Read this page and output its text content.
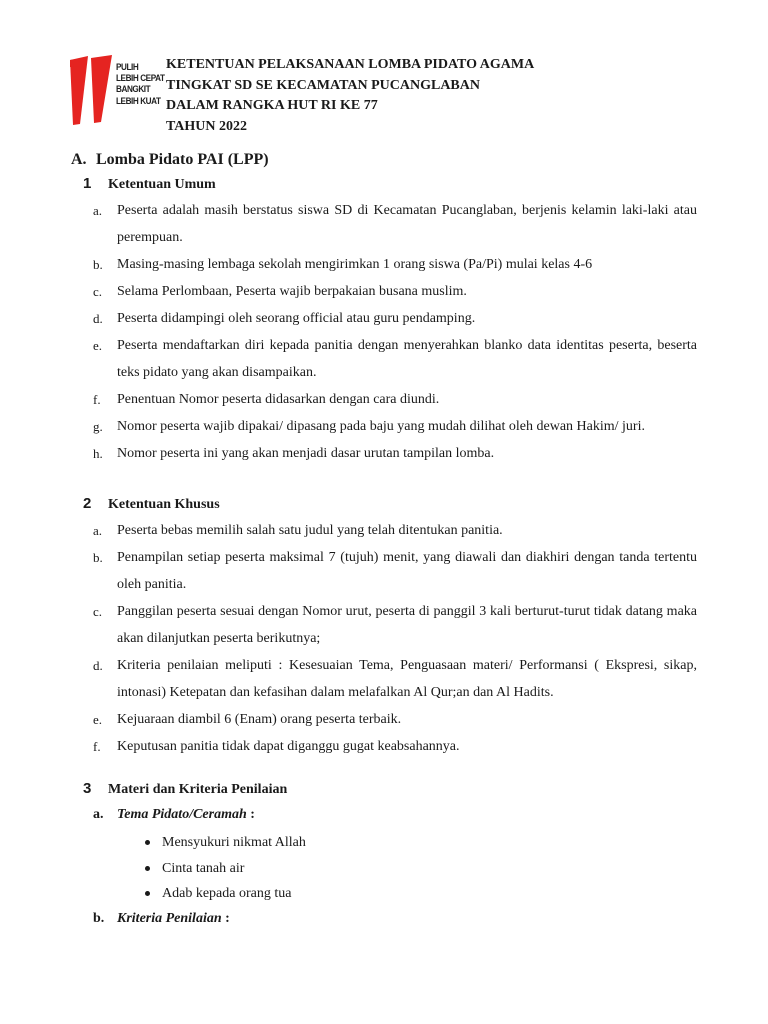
PULIH
LEBIH CEPAT
BANGKIT
LEBIH KUAT
KETENTUAN PELAKSANAAN LOMBA PIDATO AGAMA
TINGKAT SD SE KECAMATAN PUCANGLABAN
DALAM RANGKA HUT RI KE 77
TAHUN 2022
A. Lomba Pidato PAI (LPP)
1 Ketentuan Umum
a. Peserta adalah masih berstatus siswa SD di Kecamatan Pucanglaban, berjenis kelamin laki-laki atau perempuan.
b. Masing-masing lembaga sekolah mengirimkan 1 orang siswa (Pa/Pi) mulai kelas 4-6
c. Selama Perlombaan, Peserta wajib berpakaian busana muslim.
d. Peserta didampingi oleh seorang official atau guru pendamping.
e. Peserta mendaftarkan diri kepada panitia dengan menyerahkan blanko data identitas peserta, beserta teks pidato yang akan disampaikan.
f. Penentuan Nomor peserta didasarkan dengan cara diundi.
g. Nomor peserta wajib dipakai/ dipasang pada baju yang mudah dilihat oleh dewan Hakim/ juri.
h. Nomor peserta ini yang akan menjadi dasar urutan tampilan lomba.
2 Ketentuan Khusus
a. Peserta bebas memilih salah satu judul yang telah ditentukan panitia.
b. Penampilan setiap peserta maksimal 7 (tujuh) menit, yang diawali dan diakhiri dengan tanda tertentu oleh panitia.
c. Panggilan peserta sesuai dengan Nomor urut, peserta di panggil 3 kali berturut-turut tidak datang maka akan dilanjutkan peserta berikutnya;
d. Kriteria penilaian meliputi : Kesesuaian Tema, Penguasaan materi/ Performansi ( Ekspresi, sikap, intonasi) Ketepatan dan kefasihan dalam melafalkan Al Qur;an dan Al Hadits.
e. Kejuaraan diambil 6 (Enam) orang peserta terbaik.
f. Keputusan panitia tidak dapat diganggu gugat keabsahannya.
3 Materi dan Kriteria Penilaian
a. Tema Pidato/Ceramah :
Mensyukuri nikmat Allah
Cinta tanah air
Adab kepada orang tua
b. Kriteria Penilaian :
